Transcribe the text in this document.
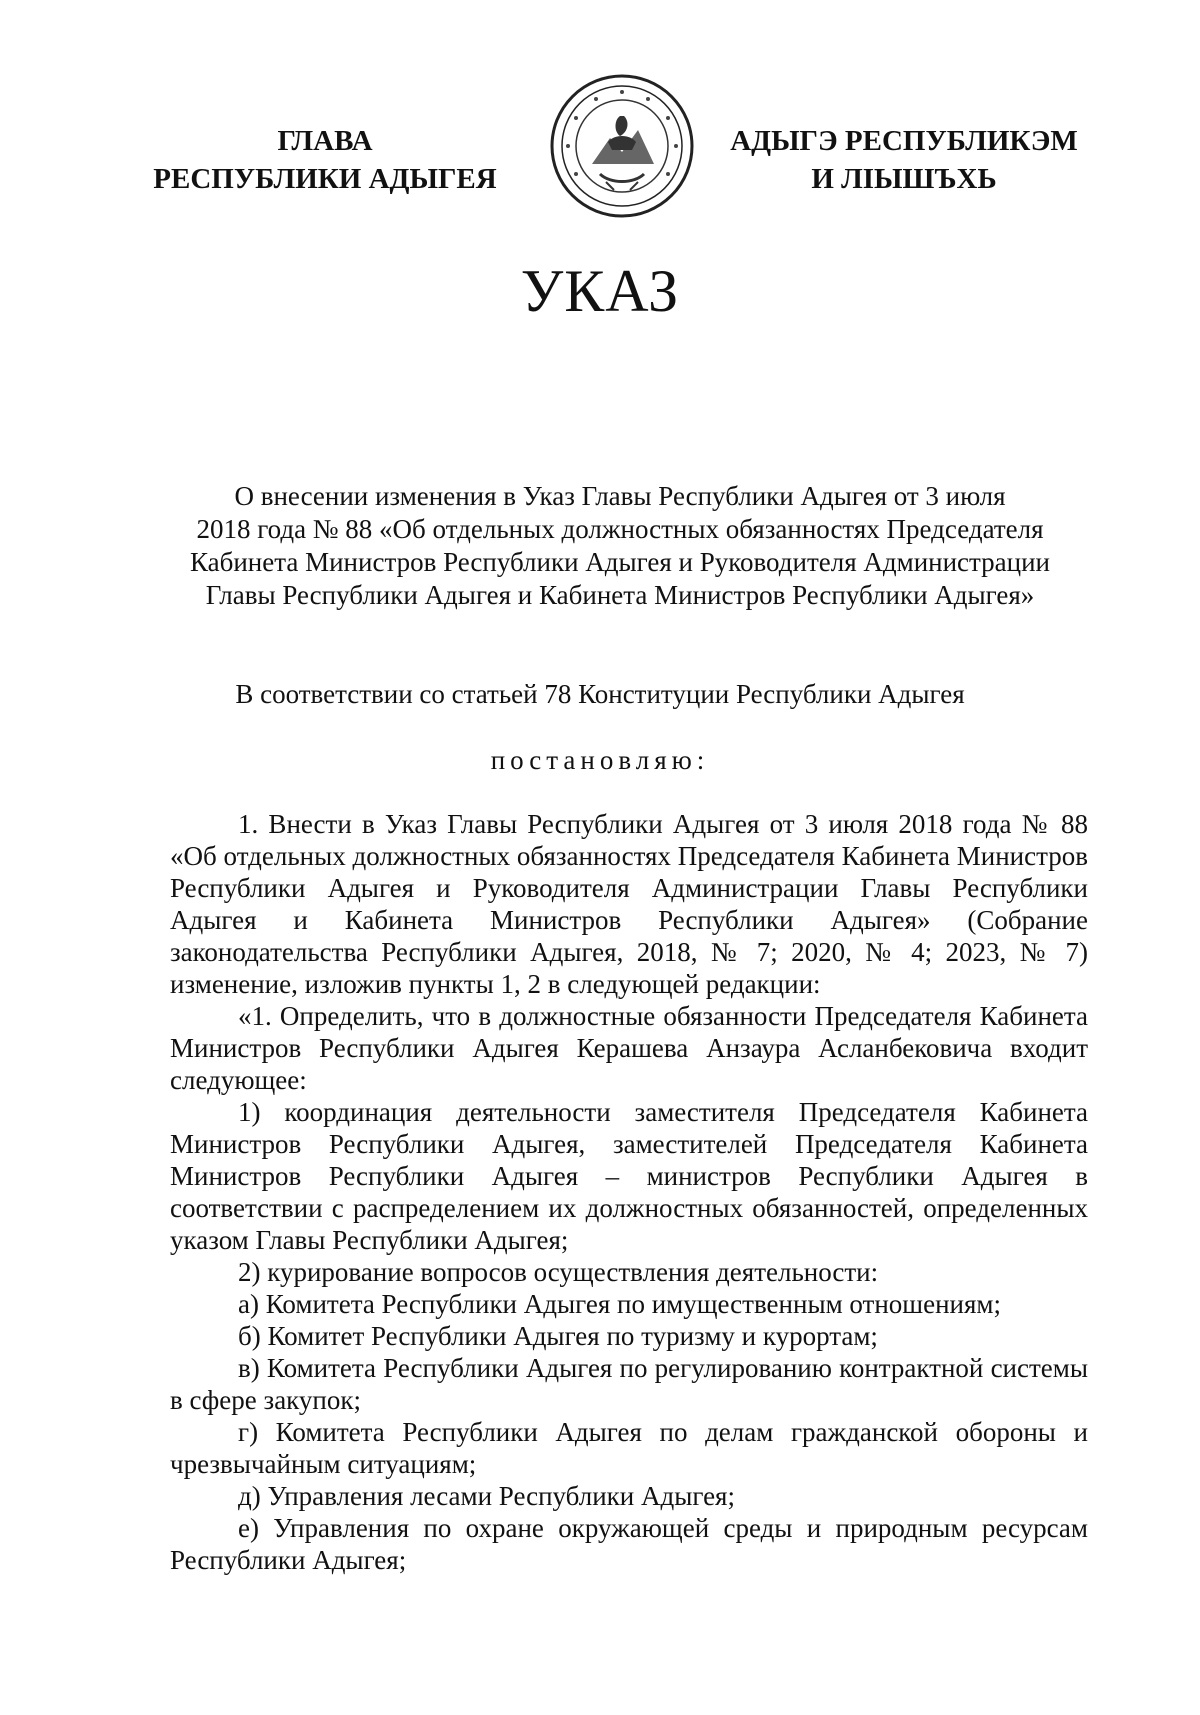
ГЛАВА
РЕСПУБЛИКИ АДЫГЕЯ
АДЫГЭ РЕСПУБЛИКЭМ
И ЛІЫШЪХЬ
УКАЗ
О внесении изменения в Указ Главы Республики Адыгея от 3 июля
2018 года № 88 «Об отдельных должностных обязанностях Председателя
Кабинета Министров Республики Адыгея и Руководителя Администрации
Главы Республики Адыгея и Кабинета Министров Республики Адыгея»
В соответствии со статьей 78 Конституции Республики Адыгея
постановляю:

1. Внести в Указ Главы Республики Адыгея от 3 июля 2018 года № 88 «Об отдельных должностных обязанностях Председателя Кабинета Министров Республики Адыгея и Руководителя Администрации Главы Республики Адыгея и Кабинета Министров Республики Адыгея» (Собрание законодательства Республики Адыгея, 2018, № 7; 2020, № 4; 2023, № 7) изменение, изложив пункты 1, 2 в следующей редакции:

«1. Определить, что в должностные обязанности Председателя Кабинета Министров Республики Адыгея Керашева Анзаура Асланбековича входит следующее:

1) координация деятельности заместителя Председателя Кабинета Министров Республики Адыгея, заместителей Председателя Кабинета Министров Республики Адыгея – министров Республики Адыгея в соответствии с распределением их должностных обязанностей, определенных указом Главы Республики Адыгея;

2) курирование вопросов осуществления деятельности:

а) Комитета Республики Адыгея по имущественным отношениям;

б) Комитет Республики Адыгея по туризму и курортам;

в) Комитета Республики Адыгея по регулированию контрактной системы в сфере закупок;

г) Комитета Республики Адыгея по делам гражданской обороны и чрезвычайным ситуациям;

д) Управления лесами Республики Адыгея;

е) Управления по охране окружающей среды и природным ресурсам Республики Адыгея;
